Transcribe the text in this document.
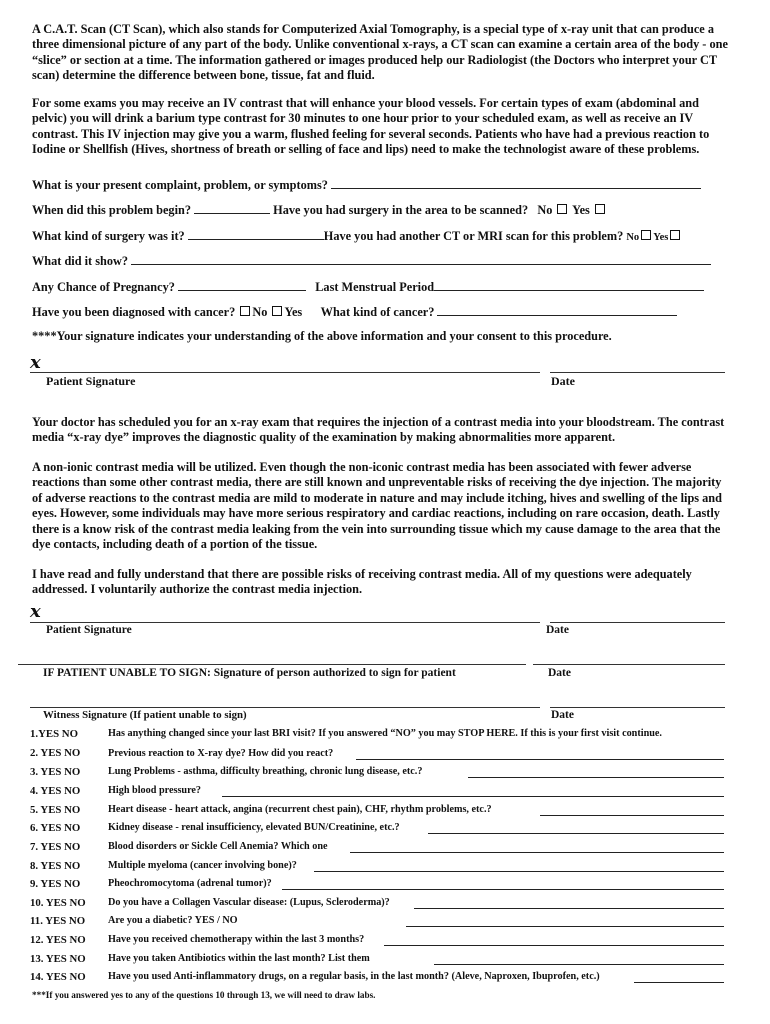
A C.A.T. Scan (CT Scan), which also stands for Computerized Axial Tomography, is a special type of x-ray unit that can produce a three dimensional picture of any part of the body. Unlike conventional x-rays, a CT scan can examine a certain area of the body - one “slice” or section at a time. The information gathered or images produced help our Radiologist (the Doctors who interpret your CT scan) determine the difference between bone, tissue, fat and fluid.
For some exams you may receive an IV contrast that will enhance your blood vessels. For certain types of exam (abdominal and pelvic) you will drink a barium type contrast for 30 minutes to one hour prior to your scheduled exam, as well as receive an IV contrast. This IV injection may give you a warm, flushed feeling for several seconds. Patients who have had a previous reaction to Iodine or Shellfish (Hives, shortness of breath or selling of face and lips) need to make the technologist aware of these problems.
What is your present complaint, problem, or symptoms?
When did this problem begin?	Have you had surgery in the area to be scanned? No Yes
What kind of surgery was it?	Have you had another CT or MRI scan for this problem? No Yes
What did it show?
Any Chance of Pregnancy?	Last Menstrual Period
Have you been diagnosed with cancer? No Yes What kind of cancer?
****Your signature indicates your understanding of the above information and your consent to this procedure.
x
Patient Signature	Date
Your doctor has scheduled you for an x-ray exam that requires the injection of a contrast media into your bloodstream. The contrast media “x-ray dye” improves the diagnostic quality of the examination by making abnormalities more apparent.
A non-ionic contrast media will be utilized. Even though the non-iconic contrast media has been associated with fewer adverse reactions than some other contrast media, there are still known and unpreventable risks of receiving the dye injection. The majority of adverse reactions to the contrast media are mild to moderate in nature and may include itching, hives and swelling of the lips and eyes. However, some individuals may have more serious respiratory and cardiac reactions, including on rare occasion, death. Lastly there is a know risk of the contrast media leaking from the vein into surrounding tissue which my cause damage to the area that the dye contacts, including death of a portion of the tissue.
I have read and fully understand that there are possible risks of receiving contrast media. All of my questions were adequately addressed. I voluntarily authorize the contrast media injection.
x
Patient Signature	Date
IF PATIENT UNABLE TO SIGN: Signature of person authorized to sign for patient	Date
Witness Signature (If patient unable to sign)	Date
1.YES NO	Has anything changed since your last BRI visit? If you answered “NO” you may STOP HERE. If this is your first visit continue.
2. YES NO	Previous reaction to X-ray dye? How did you react?
3. YES NO	Lung Problems - asthma, difficulty breathing, chronic lung disease, etc.?
4. YES NO	High blood pressure?
5. YES NO	Heart disease - heart attack, angina (recurrent chest pain), CHF, rhythm problems, etc.?
6. YES NO	Kidney disease - renal insufficiency, elevated BUN/Creatinine, etc.?
7. YES NO	Blood disorders or Sickle Cell Anemia? Which one
8. YES NO	Multiple myeloma (cancer involving bone)?
9. YES NO	Pheochromocytoma (adrenal tumor)?
10. YES NO Do you have a Collagen Vascular disease: (Lupus, Scleroderma)?
11. YES NO Are you a diabetic? YES / NO
12. YES NO Have you received chemotherapy within the last 3 months?
13. YES NO Have you taken Antibiotics within the last month? List them
14. YES NO Have you used Anti-inflammatory drugs, on a regular basis, in the last month? (Aleve, Naproxen, Ibuprofen, etc.)
***If you answered yes to any of the questions 10 through 13, we will need to draw labs.
